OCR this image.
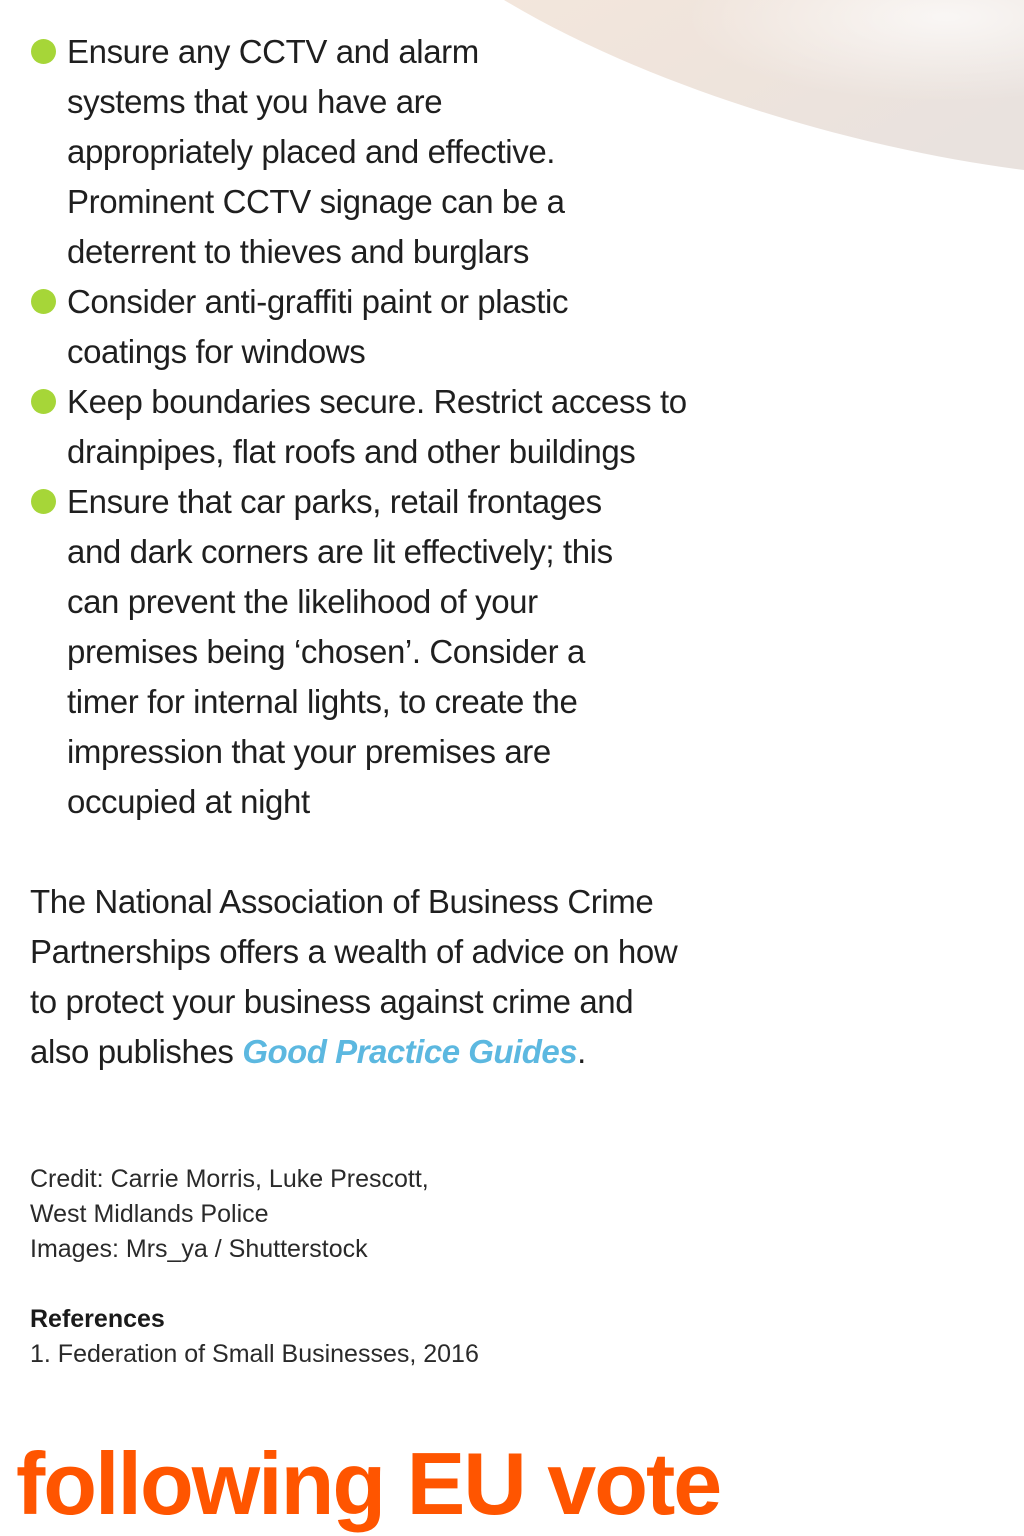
Ensure any CCTV and alarm
systems that you have are
appropriately placed and effective.
Prominent CCTV signage can be a
deterrent to thieves and burglars
Consider anti-graffiti paint or plastic
coatings for windows
Keep boundaries secure. Restrict access to
drainpipes, flat roofs and other buildings
Ensure that car parks, retail frontages
and dark corners are lit effectively; this
can prevent the likelihood of your
premises being ‘chosen’. Consider a
timer for internal lights, to create the
impression that your premises are
occupied at night
The National Association of Business Crime
Partnerships offers a wealth of advice on how
to protect your business against crime and
also publishes Good Practice Guides.
Credit: Carrie Morris, Luke Prescott,
West Midlands Police
Images: Mrs_ya / Shutterstock
References
1. Federation of Small Businesses, 2016
following EU vote
